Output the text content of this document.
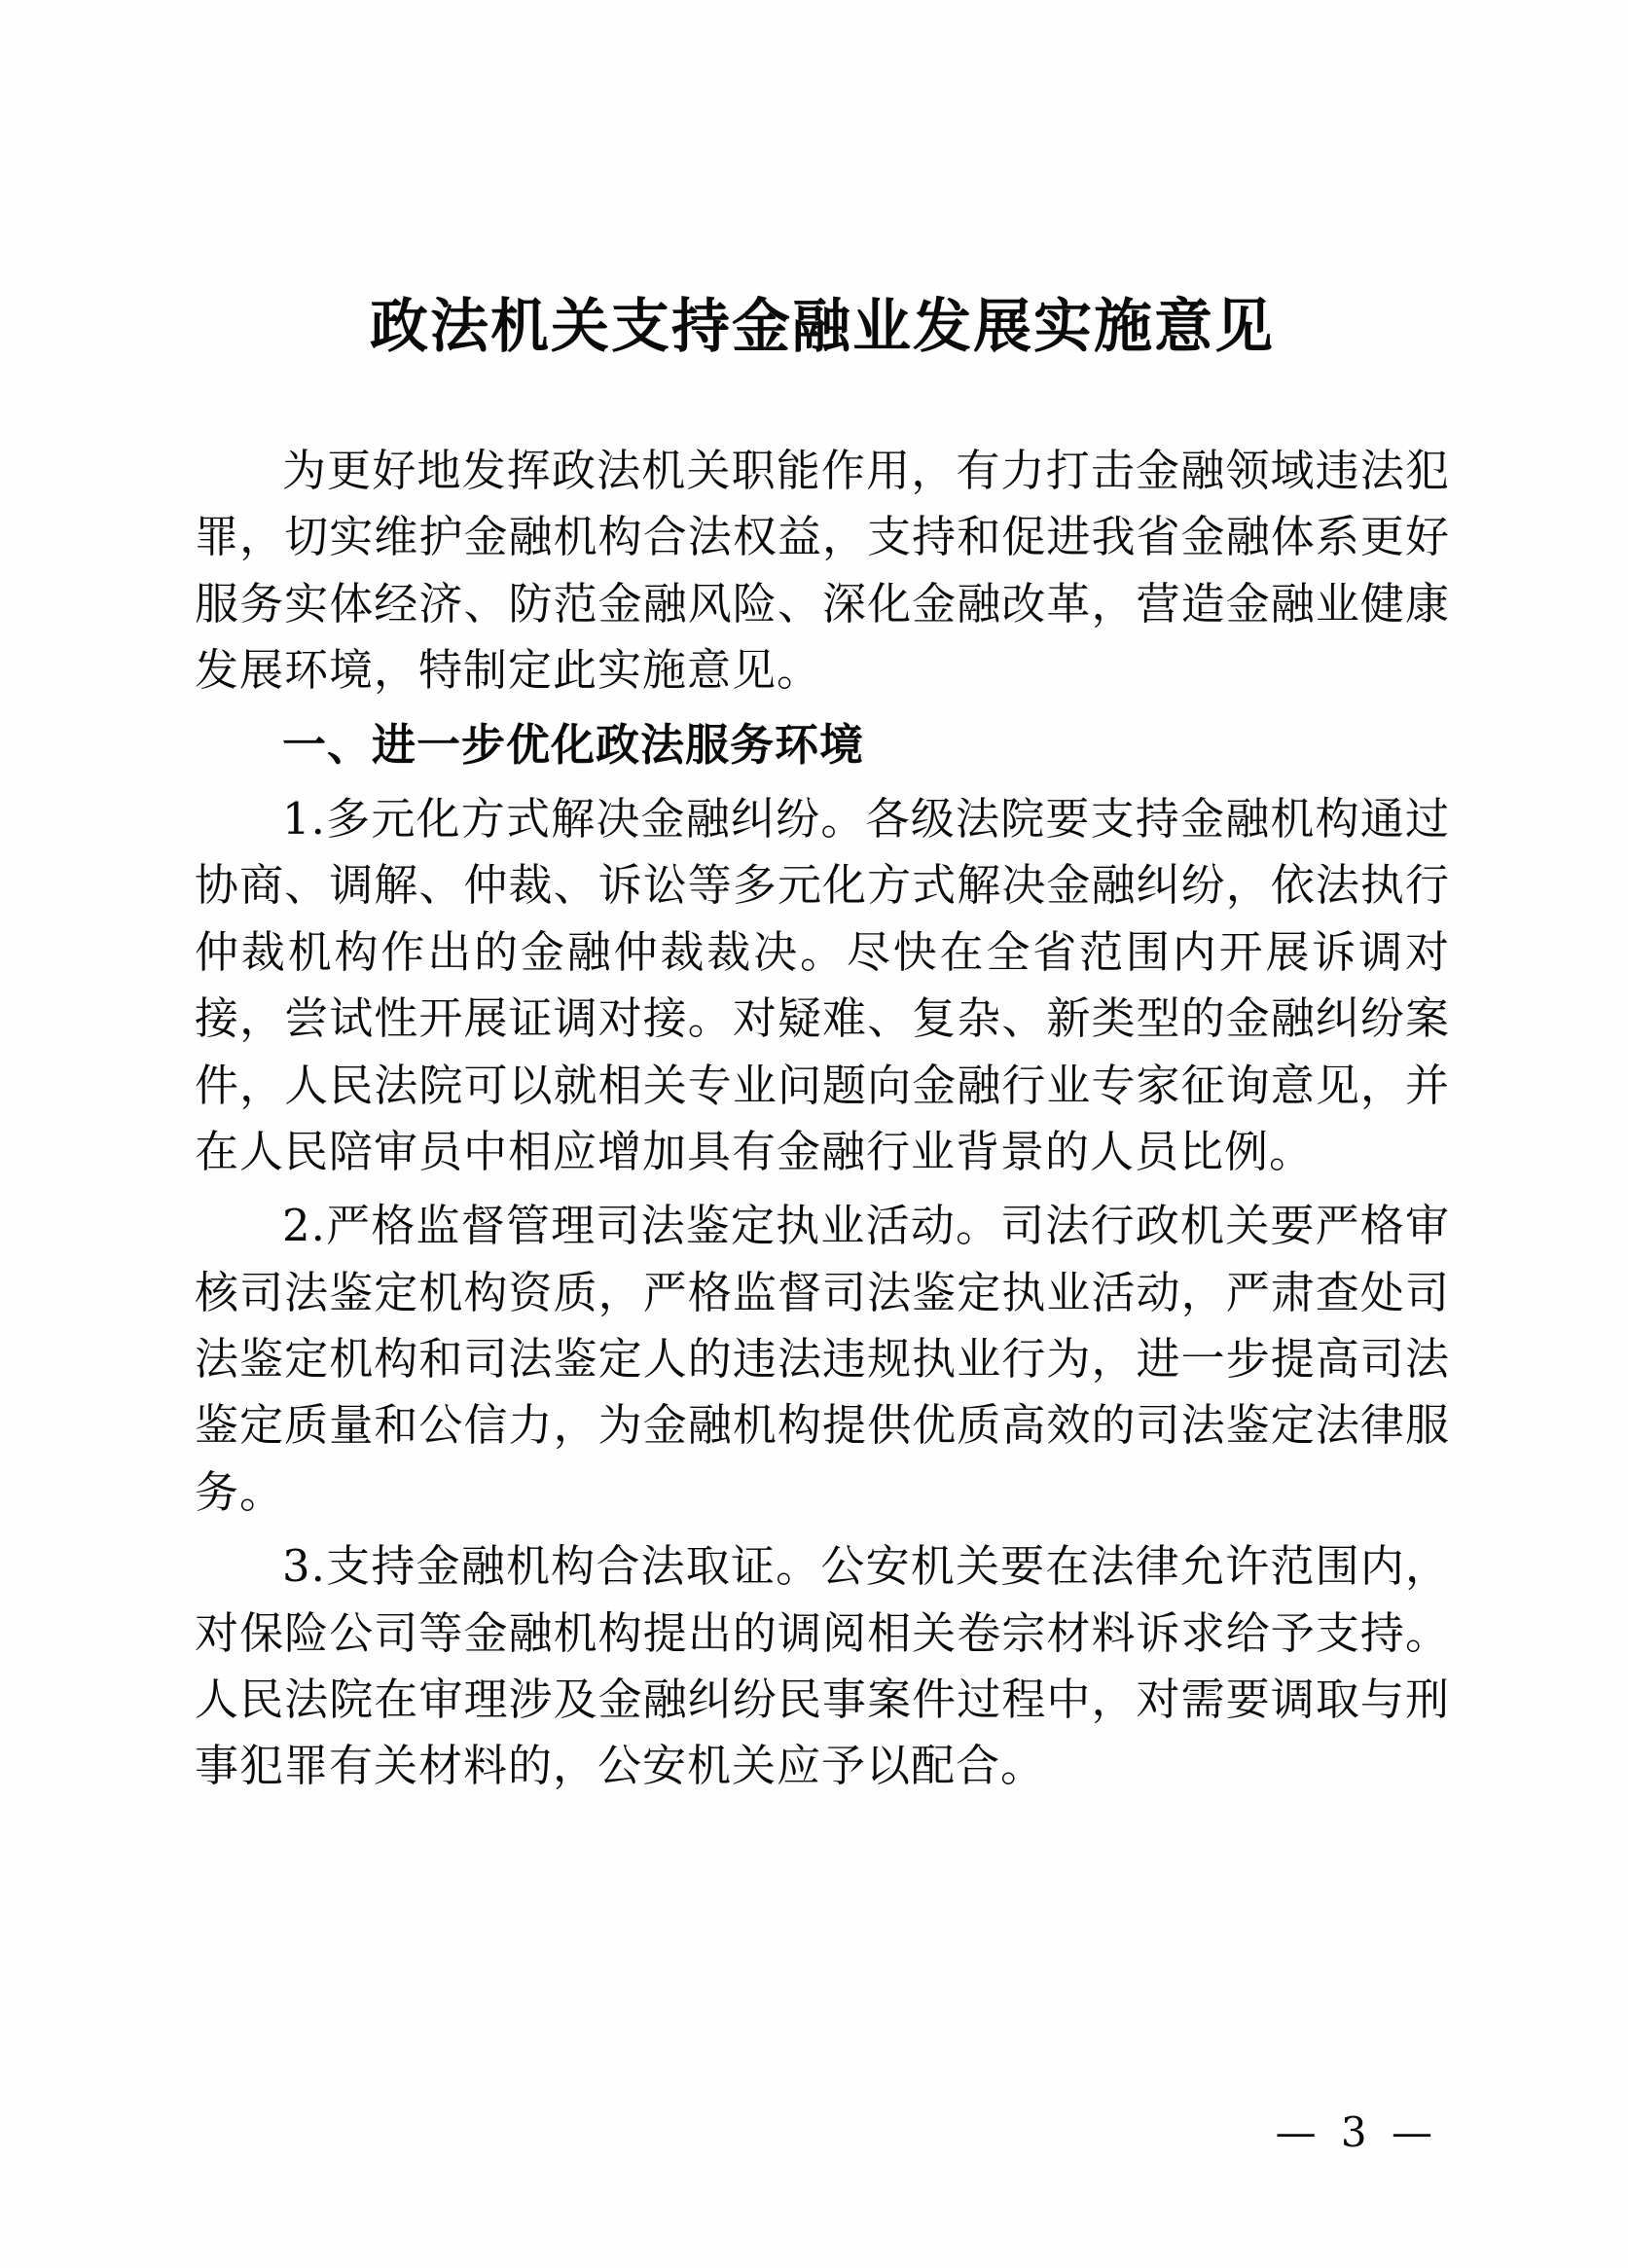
政法机关支持金融业发展实施意见

为更好地发挥政法机关职能作用，有力打击金融领域违法犯罪，切实维护金融机构合法权益，支持和促进我省金融体系更好服务实体经济、防范金融风险、深化金融改革，营造金融业健康发展环境，特制定此实施意见。

一、进一步优化政法服务环境

1.多元化方式解决金融纠纷。各级法院要支持金融机构通过协商、调解、仲裁、诉讼等多元化方式解决金融纠纷，依法执行仲裁机构作出的金融仲裁裁决。尽快在全省范围内开展诉调对接，尝试性开展证调对接。对疑难、复杂、新类型的金融纠纷案件，人民法院可以就相关专业问题向金融行业专家征询意见，并在人民陪审员中相应增加具有金融行业背景的人员比例。

2.严格监督管理司法鉴定执业活动。司法行政机关要严格审核司法鉴定机构资质，严格监督司法鉴定执业活动，严肃查处司法鉴定机构和司法鉴定人的违法违规执业行为，进一步提高司法鉴定质量和公信力，为金融机构提供优质高效的司法鉴定法律服务。

3.支持金融机构合法取证。公安机关要在法律允许范围内，对保险公司等金融机构提出的调阅相关卷宗材料诉求给予支持。人民法院在审理涉及金融纠纷民事案件过程中，对需要调取与刑事犯罪有关材料的，公安机关应予以配合。

— 3 —
